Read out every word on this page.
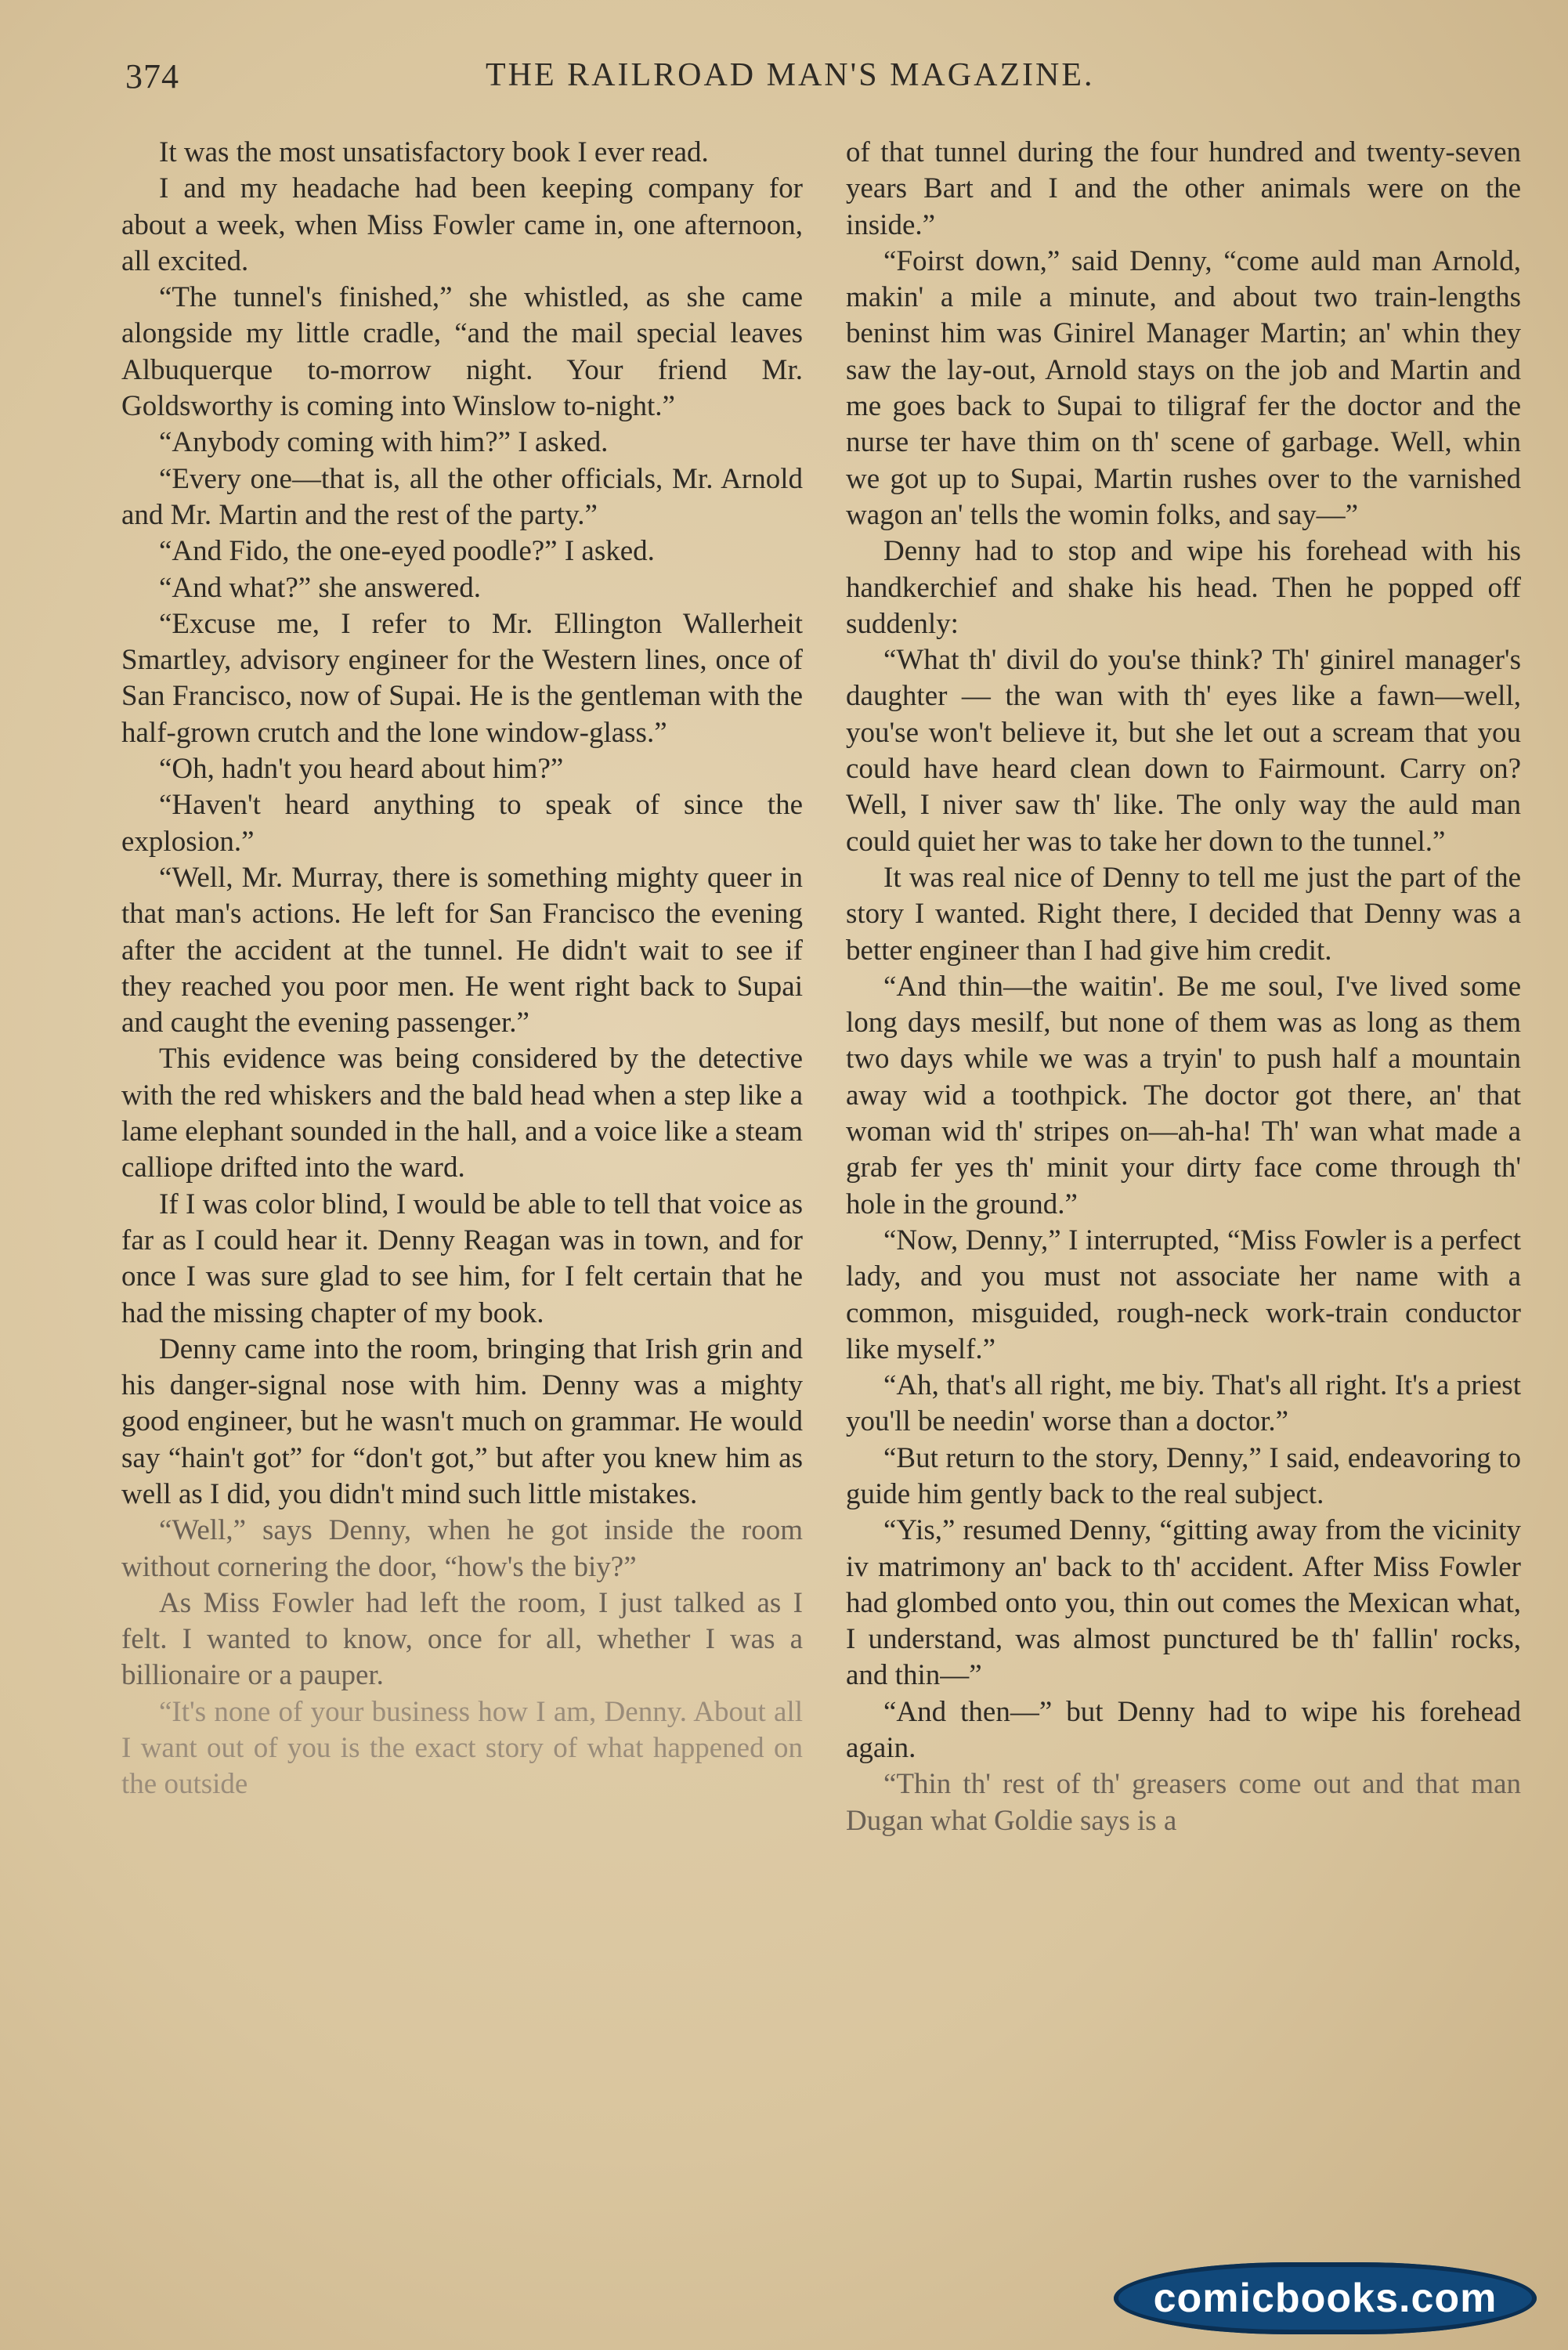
374	THE RAILROAD MAN'S MAGAZINE.

It was the most unsatisfactory book I ever read.

I and my headache had been keeping company for about a week, when Miss Fowler came in, one afternoon, all excited.

“The tunnel's finished,” she whistled, as she came alongside my little cradle, “and the mail special leaves Albuquerque to-morrow night. Your friend Mr. Goldsworthy is coming into Winslow to-night.”

“Anybody coming with him?” I asked.

“Every one—that is, all the other officials, Mr. Arnold and Mr. Martin and the rest of the party.”

“And Fido, the one-eyed poodle?” I asked.

“And what?” she answered.

“Excuse me, I refer to Mr. Ellington Wallerheit Smartley, advisory engineer for the Western lines, once of San Francisco, now of Supai. He is the gentleman with the half-grown crutch and the lone window-glass.”

“Oh, hadn't you heard about him?”

“Haven't heard anything to speak of since the explosion.”

“Well, Mr. Murray, there is something mighty queer in that man's actions. He left for San Francisco the evening after the accident at the tunnel. He didn't wait to see if they reached you poor men. He went right back to Supai and caught the evening passenger.”

This evidence was being considered by the detective with the red whiskers and the bald head when a step like a lame elephant sounded in the hall, and a voice like a steam calliope drifted into the ward.

If I was color blind, I would be able to tell that voice as far as I could hear it. Denny Reagan was in town, and for once I was sure glad to see him, for I felt certain that he had the missing chapter of my book.

Denny came into the room, bringing that Irish grin and his danger-signal nose with him. Denny was a mighty good engineer, but he wasn't much on grammar. He would say “hain't got” for “don't got,” but after you knew him as well as I did, you didn't mind such little mistakes.

“Well,” says Denny, when he got inside the room without cornering the door, “how's the biy?”

As Miss Fowler had left the room, I just talked as I felt. I wanted to know, once for all, whether I was a billionaire or a pauper.

“It's none of your business how I am, Denny. About all I want out of you is the exact story of what happened on the outside

of that tunnel during the four hundred and twenty-seven years Bart and I and the other animals were on the inside.”

“Foirst down,” said Denny, “come auld man Arnold, makin' a mile a minute, and about two train-lengths beninst him was Ginirel Manager Martin; an' whin they saw the lay-out, Arnold stays on the job and Martin and me goes back to Supai to tiligraf fer the doctor and the nurse ter have thim on th' scene of garbage. Well, whin we got up to Supai, Martin rushes over to the varnished wagon an' tells the womin folks, and say—”

Denny had to stop and wipe his forehead with his handkerchief and shake his head. Then he popped off suddenly:

“What th' divil do you'se think? Th' ginirel manager's daughter — the wan with th' eyes like a fawn—well, you'se won't believe it, but she let out a scream that you could have heard clean down to Fairmount. Carry on? Well, I niver saw th' like. The only way the auld man could quiet her was to take her down to the tunnel.”

It was real nice of Denny to tell me just the part of the story I wanted. Right there, I decided that Denny was a better engineer than I had give him credit.

“And thin—the waitin'. Be me soul, I've lived some long days mesilf, but none of them was as long as them two days while we was a tryin' to push half a mountain away wid a toothpick. The doctor got there, an' that woman wid th' stripes on—ah-ha! Th' wan what made a grab fer yes th' minit your dirty face come through th' hole in the ground.”

“Now, Denny,” I interrupted, “Miss Fowler is a perfect lady, and you must not associate her name with a common, misguided, rough-neck work-train conductor like myself.”

“Ah, that's all right, me biy. That's all right. It's a priest you'll be needin' worse than a doctor.”

“But return to the story, Denny,” I said, endeavoring to guide him gently back to the real subject.

“Yis,” resumed Denny, “gitting away from the vicinity iv matrimony an' back to th' accident. After Miss Fowler had glombed onto you, thin out comes the Mexican what, I understand, was almost punctured be th' fallin' rocks, and thin—”

“And then—” but Denny had to wipe his forehead again.

“Thin th' rest of th' greasers come out and that man Dugan what Goldie says is a

comicbooks.com
